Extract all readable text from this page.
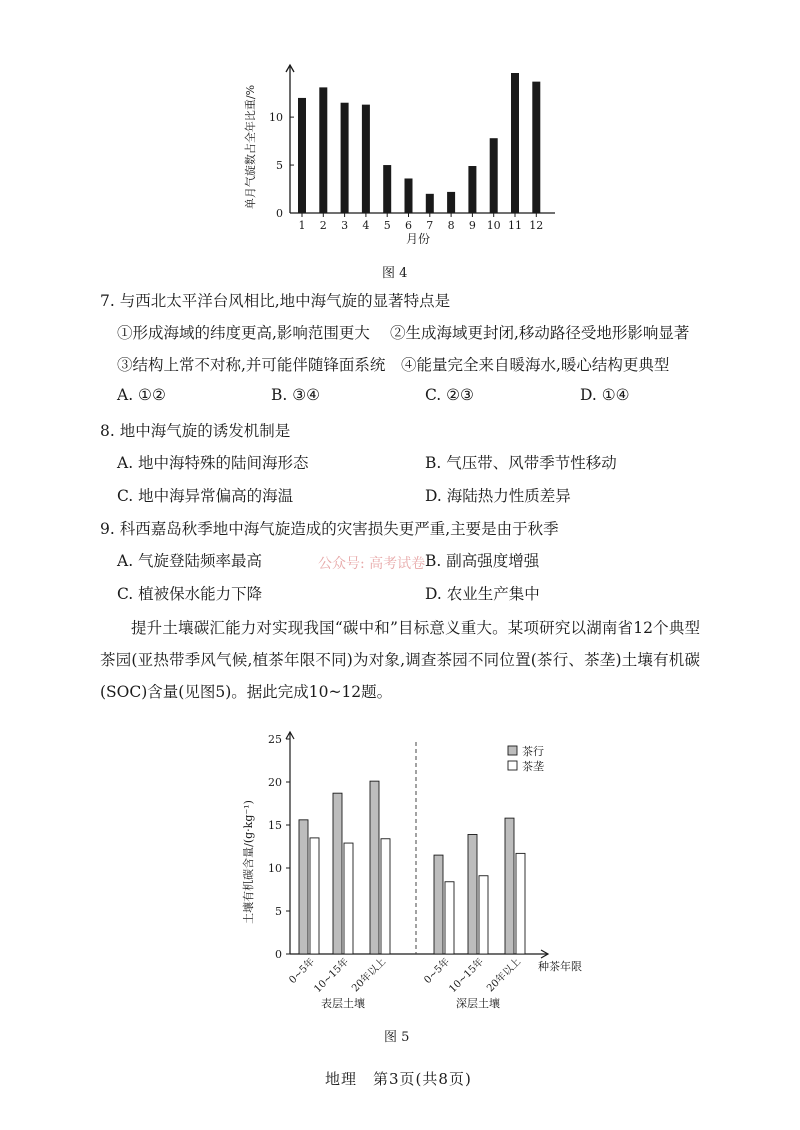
单月气旋数占全年比重/%
月份
0
5
10
1 2 3 4 5 6 7 8 9 10 11 12
图 4
7. 与西北太平洋台风相比,地中海气旋的显著特点是
①形成海域的纬度更高,影响范围更大 ②生成海域更封闭,移动路径受地形影响显著
③结构上常不对称,并可能伴随锋面系统 ④能量完全来自暖海水,暖心结构更典型
A. ①②	B. ③④	C. ②③	D. ①④
8. 地中海气旋的诱发机制是
A. 地中海特殊的陆间海形态	B. 气压带、风带季节性移动
C. 地中海异常偏高的海温	D. 海陆热力性质差异
9. 科西嘉岛秋季地中海气旋造成的灾害损失更严重,主要是由于秋季
A. 气旋登陆频率最高	公众号: 高考试卷 B. 副高强度增强
C. 植被保水能力下降	D. 农业生产集中
提升土壤碳汇能力对实现我国“碳中和”目标意义重大。某项研究以湖南省12个典型茶园(亚热带季风气候,植茶年限不同)为对象,调查茶园不同位置(茶行、茶垄)土壤有机碳(SOC)含量(见图5)。据此完成10~12题。
土壤有机碳含量/(g·kg⁻¹)
种茶年限
表层土壤	深层土壤
0
5
10
15
20
25
0~5年
10~15年 20年以上	0~5年
10~15年 20年以上
茶行
茶垄
图 5
地理　第3页(共8页)
